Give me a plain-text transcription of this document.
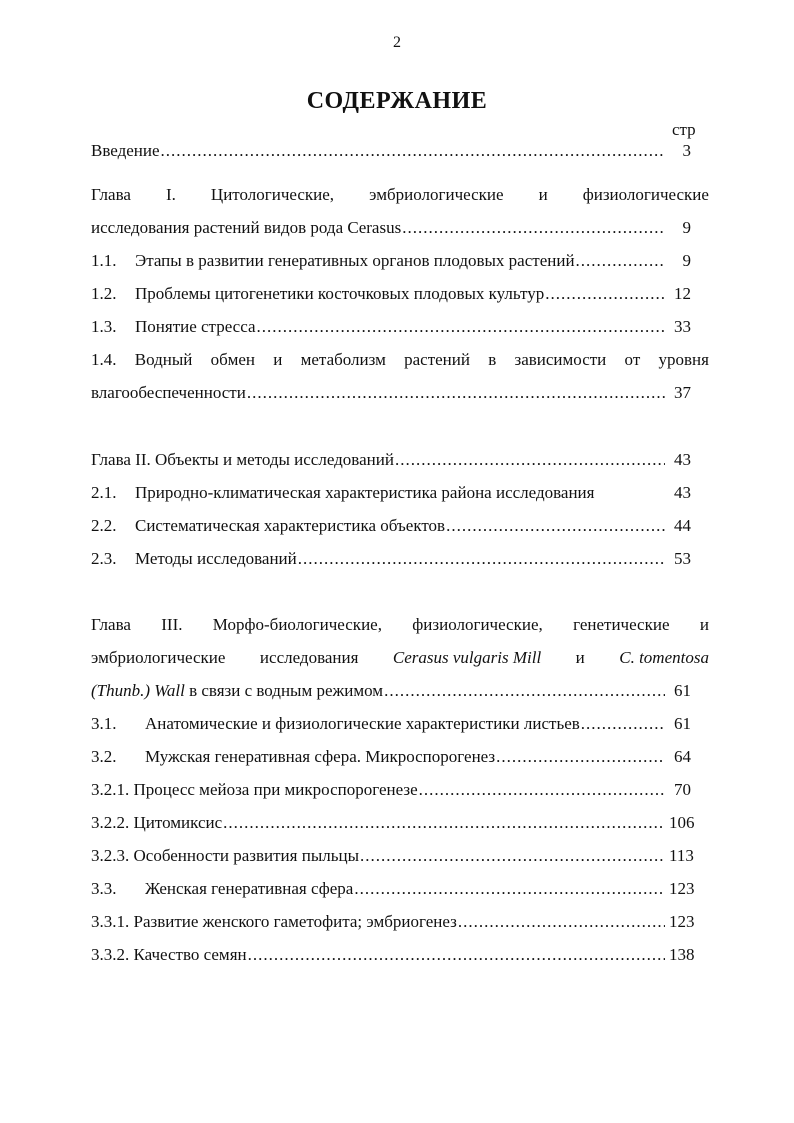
2
СОДЕРЖАНИЕ
стр
Введение .....	3
Глава I. Цитологические, эмбриологические и физиологические
исследования растений видов рода Cerasus .....	9
1.1. Этапы в развитии генеративных органов плодовых растений .....	9
1.2. Проблемы цитогенетики косточковых плодовых культур .....	12
1.3. Понятие стресса .....	33
1.4. Водный обмен и метаболизм растений в зависимости от уровня
влагообеспеченности .....	37
Глава II. Объекты и методы исследований .....	43
2.1. Природно-климатическая характеристика района исследования	43
2.2. Систематическая характеристика объектов .....	44
2.3. Методы исследований .....	53
Глава III. Морфо-биологические, физиологические, генетические и
эмбриологические исследования Cerasus vulgaris Mill и C. tomentosa
(Thunb.) Wall в связи с водным режимом .....	61
3.1. Анатомические и физиологические характеристики листьев .....	61
3.2. Мужская генеративная сфера. Микроспорогенез .....	64
3.2.1. Процесс мейоза при микроспорогенезе .....	70
3.2.2. Цитомиксис .....	106
3.2.3. Особенности развития пыльцы .....	113
3.3. Женская генеративная сфера .....	123
3.3.1. Развитие женского гаметофита; эмбриогенез .....	123
3.3.2. Качество семян .....	138
